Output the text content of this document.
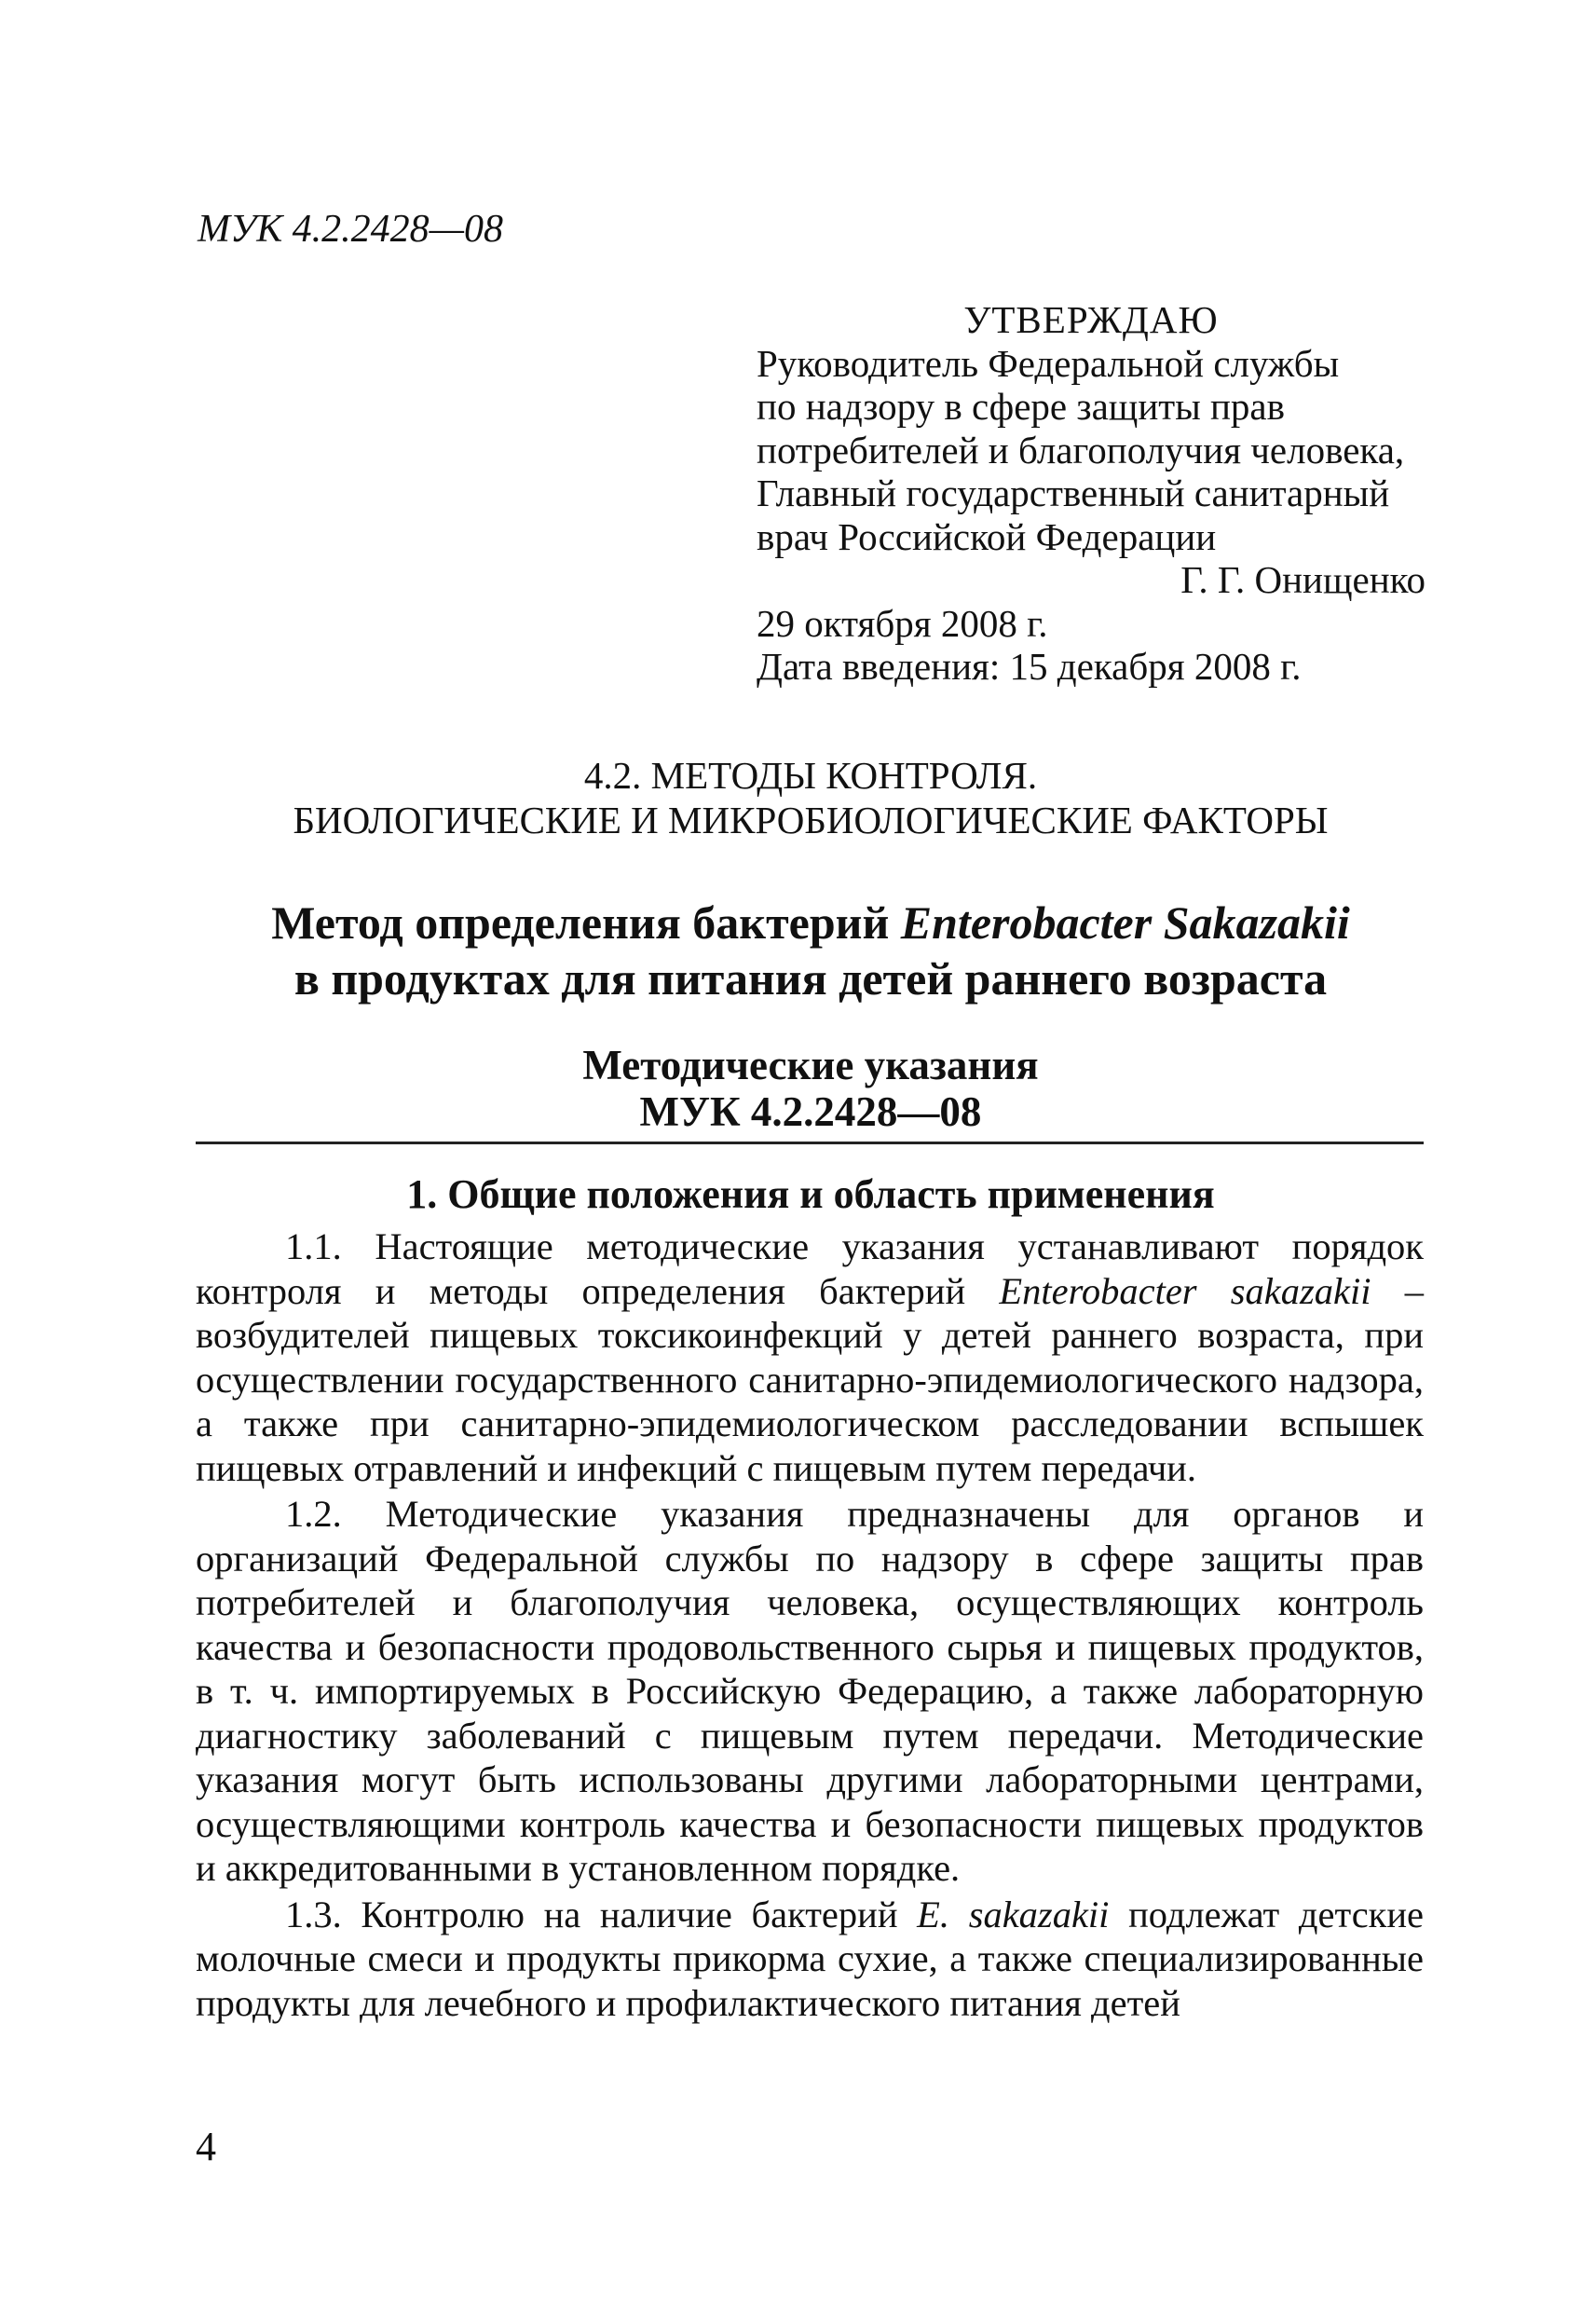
МУК 4.2.2428—08
УТВЕРЖДАЮ
Руководитель Федеральной службы
по надзору в сфере защиты прав
потребителей и благополучия человека,
Главный государственный санитарный
врач Российской Федерации
Г. Г. Онищенко
29 октября 2008 г.
Дата введения: 15 декабря 2008 г.
4.2. МЕТОДЫ КОНТРОЛЯ.
БИОЛОГИЧЕСКИЕ И МИКРОБИОЛОГИЧЕСКИЕ ФАКТОРЫ
Метод определения бактерий Enterobacter Sakazakii
в продуктах для питания детей раннего возраста
Методические указания
МУК 4.2.2428—08
1. Общие положения и область применения

1.1. Настоящие методические указания устанавливают порядок контроля и методы определения бактерий Enterobacter sakazakii – возбудителей пищевых токсикоинфекций у детей раннего возраста, при осуществлении государственного санитарно-эпидемиологического надзора, а также при санитарно-эпидемиологическом расследовании вспышек пищевых отравлений и инфекций с пищевым путем передачи.

1.2. Методические указания предназначены для органов и организаций Федеральной службы по надзору в сфере защиты прав потребителей и благополучия человека, осуществляющих контроль качества и безопасности продовольственного сырья и пищевых продуктов, в т. ч. импортируемых в Российскую Федерацию, а также лабораторную диагностику заболеваний с пищевым путем передачи. Методические указания могут быть использованы другими лабораторными центрами, осуществляющими контроль качества и безопасности пищевых продуктов и аккредитованными в установленном порядке.

1.3. Контролю на наличие бактерий E. sakazakii подлежат детские молочные смеси и продукты прикорма сухие, а также специализированные продукты для лечебного и профилактического питания детей

4
